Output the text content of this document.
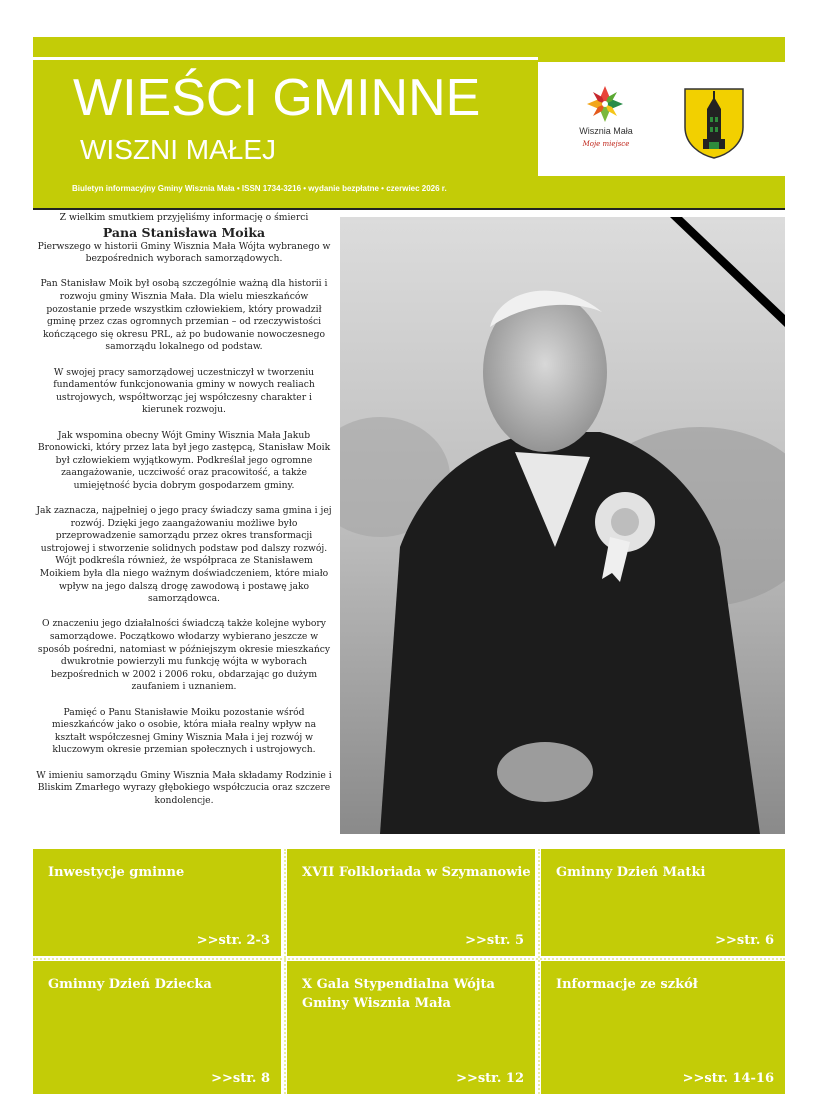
WIEŚCI GMINNE
WISZNI MAŁEJ
Biuletyn informacyjny Gminy Wisznia Mała • ISSN 1734-3216 • wydanie bezpłatne • czerwiec 2026 r.
Wisznia Mała
Moje miejsce

Z wielkim smutkiem przyjęliśmy informację o śmierci

Pana Stanisława Moika

Pierwszego w historii Gminy Wisznia Mała Wójta wybranego w bezpośrednich wyborach samorządowych.

Pan Stanisław Moik był osobą szczególnie ważną dla historii i rozwoju gminy Wisznia Mała. Dla wielu mieszkańców pozostanie przede wszystkim człowiekiem, który prowadził gminę przez czas ogromnych przemian – od rzeczywistości kończącego się okresu PRL, aż po budowanie nowoczesnego samorządu lokalnego od podstaw.

W swojej pracy samorządowej uczestniczył w tworzeniu fundamentów funkcjonowania gminy w nowych realiach ustrojowych, współtworząc jej współczesny charakter i kierunek rozwoju.

Jak wspomina obecny Wójt Gminy Wisznia Mała Jakub Bronowicki, który przez lata był jego zastępcą, Stanisław Moik był człowiekiem wyjątkowym. Podkreślał jego ogromne zaangażowanie, uczciwość oraz pracowitość, a także umiejętność bycia dobrym gospodarzem gminy.

Jak zaznacza, najpełniej o jego pracy świadczy sama gmina i jej rozwój. Dzięki jego zaangażowaniu możliwe było przeprowadzenie samorządu przez okres transformacji ustrojowej i stworzenie solidnych podstaw pod dalszy rozwój. Wójt podkreśla również, że współpraca ze Stanisławem Moikiem była dla niego ważnym doświadczeniem, które miało wpływ na jego dalszą drogę zawodową i postawę jako samorządowca.

O znaczeniu jego działalności świadczą także kolejne wybory samorządowe. Początkowo włodarzy wybierano jeszcze w sposób pośredni, natomiast w późniejszym okresie mieszkańcy dwukrotnie powierzyli mu funkcję wójta w wyborach bezpośrednich w 2002 i 2006 roku, obdarzając go dużym zaufaniem i uznaniem.

Pamięć o Panu Stanisławie Moiku pozostanie wśród mieszkańców jako o osobie, która miała realny wpływ na kształt współczesnej Gminy Wisznia Mała i jej rozwój w kluczowym okresie przemian społecznych i ustrojowych.

W imieniu samorządu Gminy Wisznia Mała składamy Rodzinie i Bliskim Zmarłego wyrazy głębokiego współczucia oraz szczere kondolencje.

Inwestycje gminne
>>str. 2-3
XVII Folkloriada w Szymanowie
>>str. 5
Gminny Dzień Matki
>>str. 6
Gminny Dzień Dziecka
>>str. 8
X Gala Stypendialna Wójta Gminy Wisznia Mała
>>str. 12
Informacje ze szkół
>>str. 14-16
